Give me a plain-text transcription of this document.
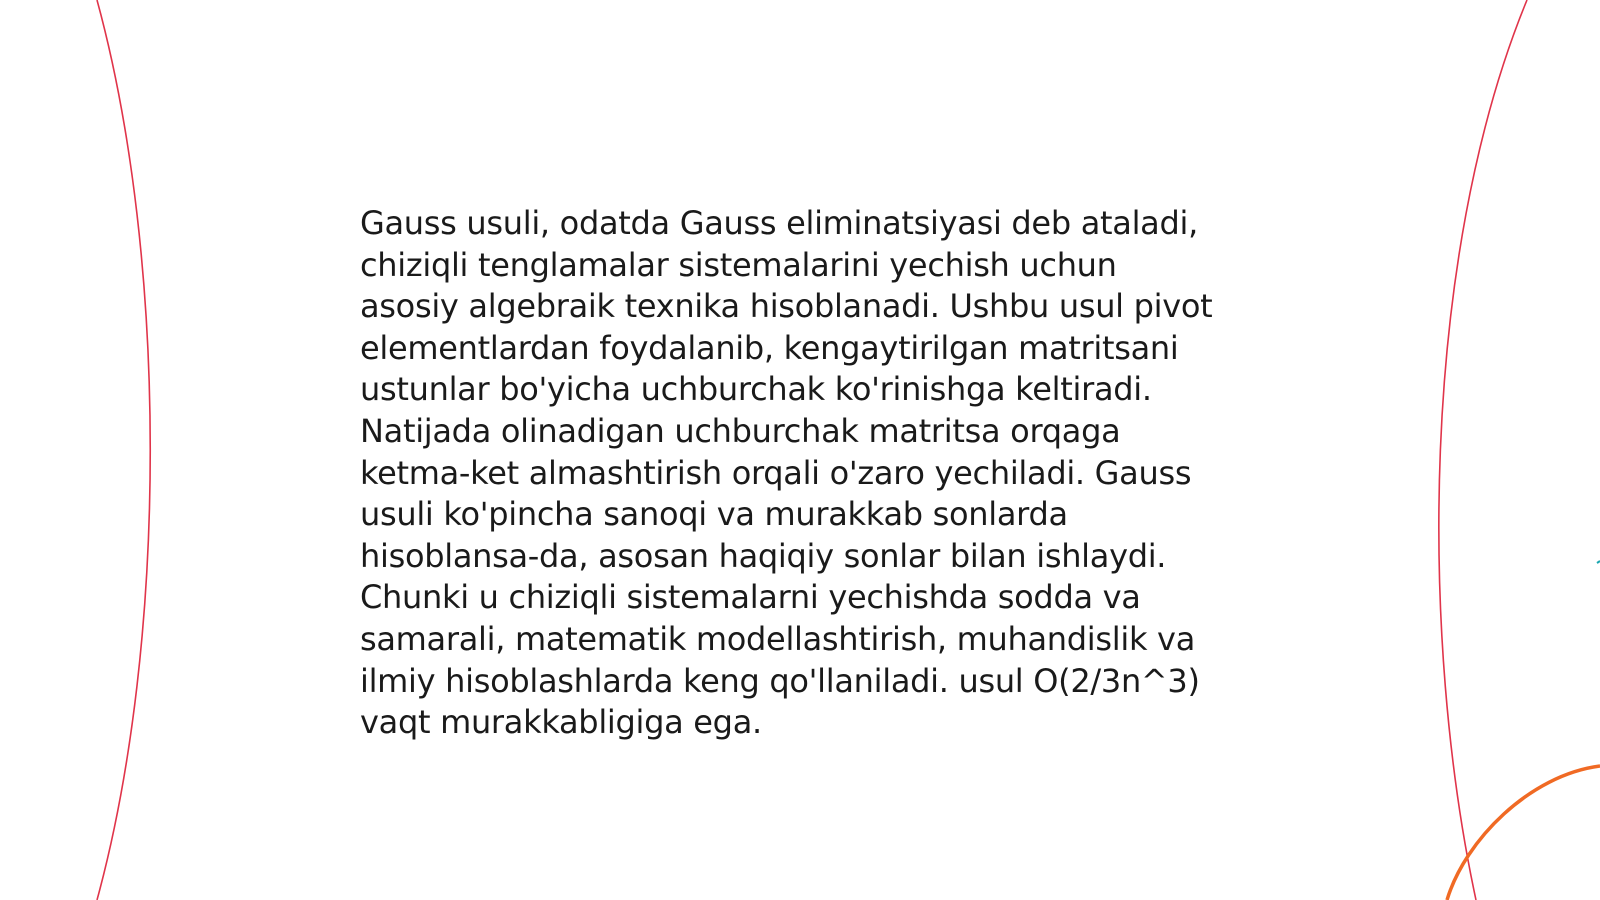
Gauss usuli, odatda Gauss eliminatsiyasi deb ataladi,
chiziqli tenglamalar sistemalarini yechish uchun
asosiy algebraik texnika hisoblanadi. Ushbu usul pivot
elementlardan foydalanib, kengaytirilgan matritsani
ustunlar bo'yicha uchburchak ko'rinishga keltiradi.
Natijada olinadigan uchburchak matritsa orqaga
ketma-ket almashtirish orqali o'zaro yechiladi. Gauss
usuli ko'pincha sanoqi va murakkab sonlarda
hisoblansa-da, asosan haqiqiy sonlar bilan ishlaydi.
Chunki u chiziqli sistemalarni yechishda sodda va
samarali, matematik modellashtirish, muhandislik va
ilmiy hisoblashlarda keng qo'llaniladi. usul O(2/3n^3)
vaqt murakkabligiga ega.
